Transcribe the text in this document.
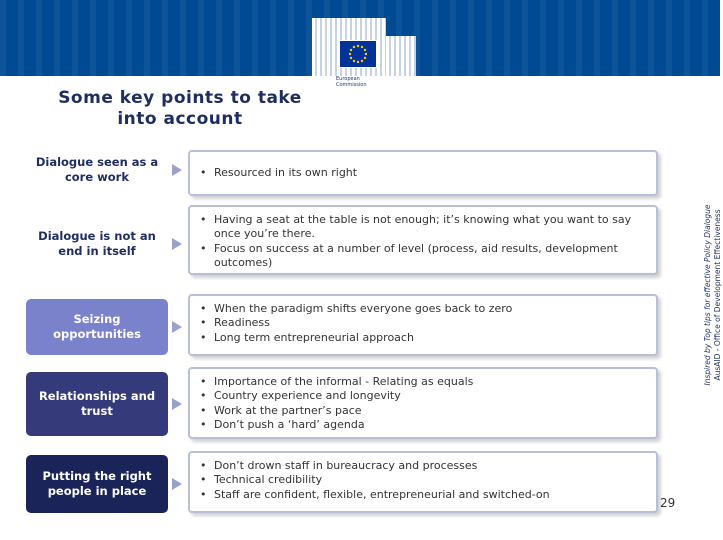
European
Commission
Some key points to take
into account
Dialogue seen as a core work
•	Resourced in its own right
Dialogue is not an end in itself
• Having a seat at the table is not enough; it’s knowing what you want to say once you’re there.
• Focus on success at a number of level (process, aid results, development outcomes)
Seizing opportunities
• When the paradigm shifts everyone goes back to zero
• Readiness
• Long term entrepreneurial approach
Relationships and trust
• Importance of the informal - Relating as equals
• Country experience and longevity
• Work at the partner’s pace
• Don’t push a ‘hard’ agenda
Putting the right people in place
• Don’t drown staff in bureaucracy and processes
• Technical credibility
• Staff are confident, flexible, entrepreneurial and switched-on
Inspired by Top tips for effective Policy Dialogue AusAID - Office of Development Effectiveness
29
